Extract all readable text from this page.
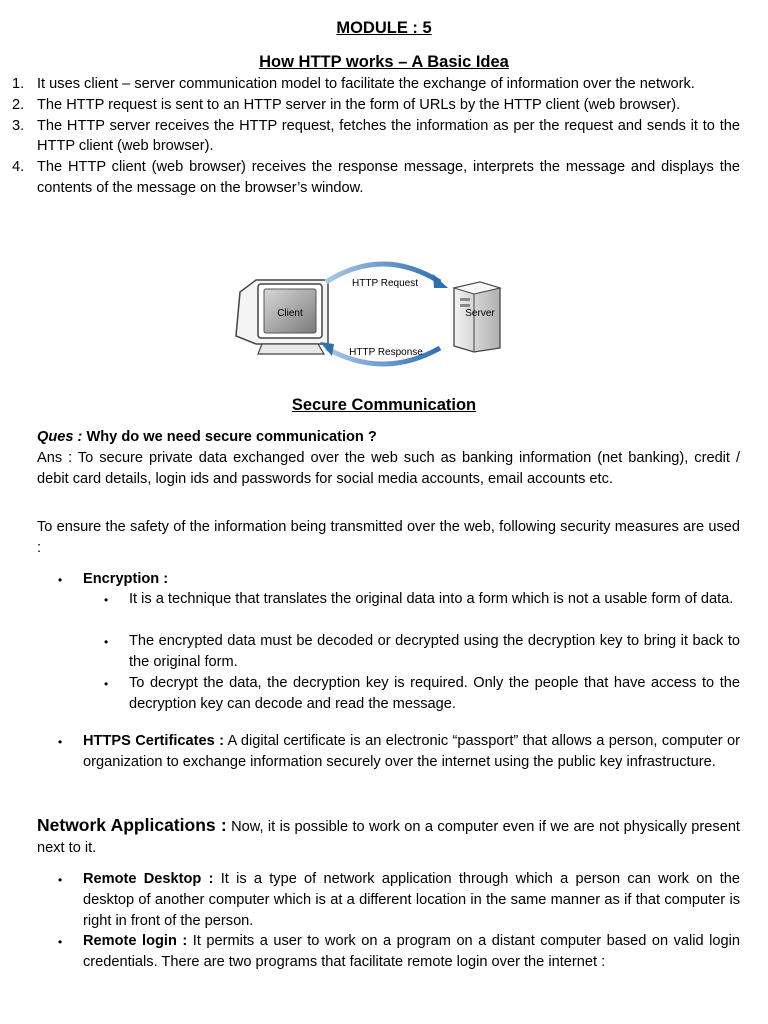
MODULE : 5
How HTTP works – A Basic Idea
1. It uses client – server communication model to facilitate the exchange of information over the network.
2. The HTTP request is sent to an HTTP server in the form of URLs by the HTTP client (web browser).
3. The HTTP server receives the HTTP request, fetches the information as per the request and sends it to the HTTP client (web browser).
4. The HTTP client (web browser) receives the response message, interprets the message and displays the contents of the message on the browser’s window.
Client	Server
HTTP Request
HTTP Response
Secure Communication
Ques : Why do we need secure communication ?
Ans : To secure private data exchanged over the web such as banking information (net banking), credit / debit card details, login ids and passwords for social media accounts, email accounts etc.
To ensure the safety of the information being transmitted over the web, following security measures are used :
•	Encryption :
•	It is a technique that translates the original data into a form which is not a usable form of data.
•	The encrypted data must be decoded or decrypted using the decryption key to bring it back to the original form.
•	To decrypt the data, the decryption key is required. Only the people that have access to the decryption key can decode and read the message.
•	HTTPS Certificates : A digital certificate is an electronic “passport” that allows a person, computer or organization to exchange information securely over the internet using the public key infrastructure.
Network Applications : Now, it is possible to work on a computer even if we are not physically present next to it.
•	Remote Desktop : It is a type of network application through which a person can work on the desktop of another computer which is at a different location in the same manner as if that computer is right in front of the person.
•	Remote login : It permits a user to work on a program on a distant computer based on valid login credentials. There are two programs that facilitate remote login over the internet :
